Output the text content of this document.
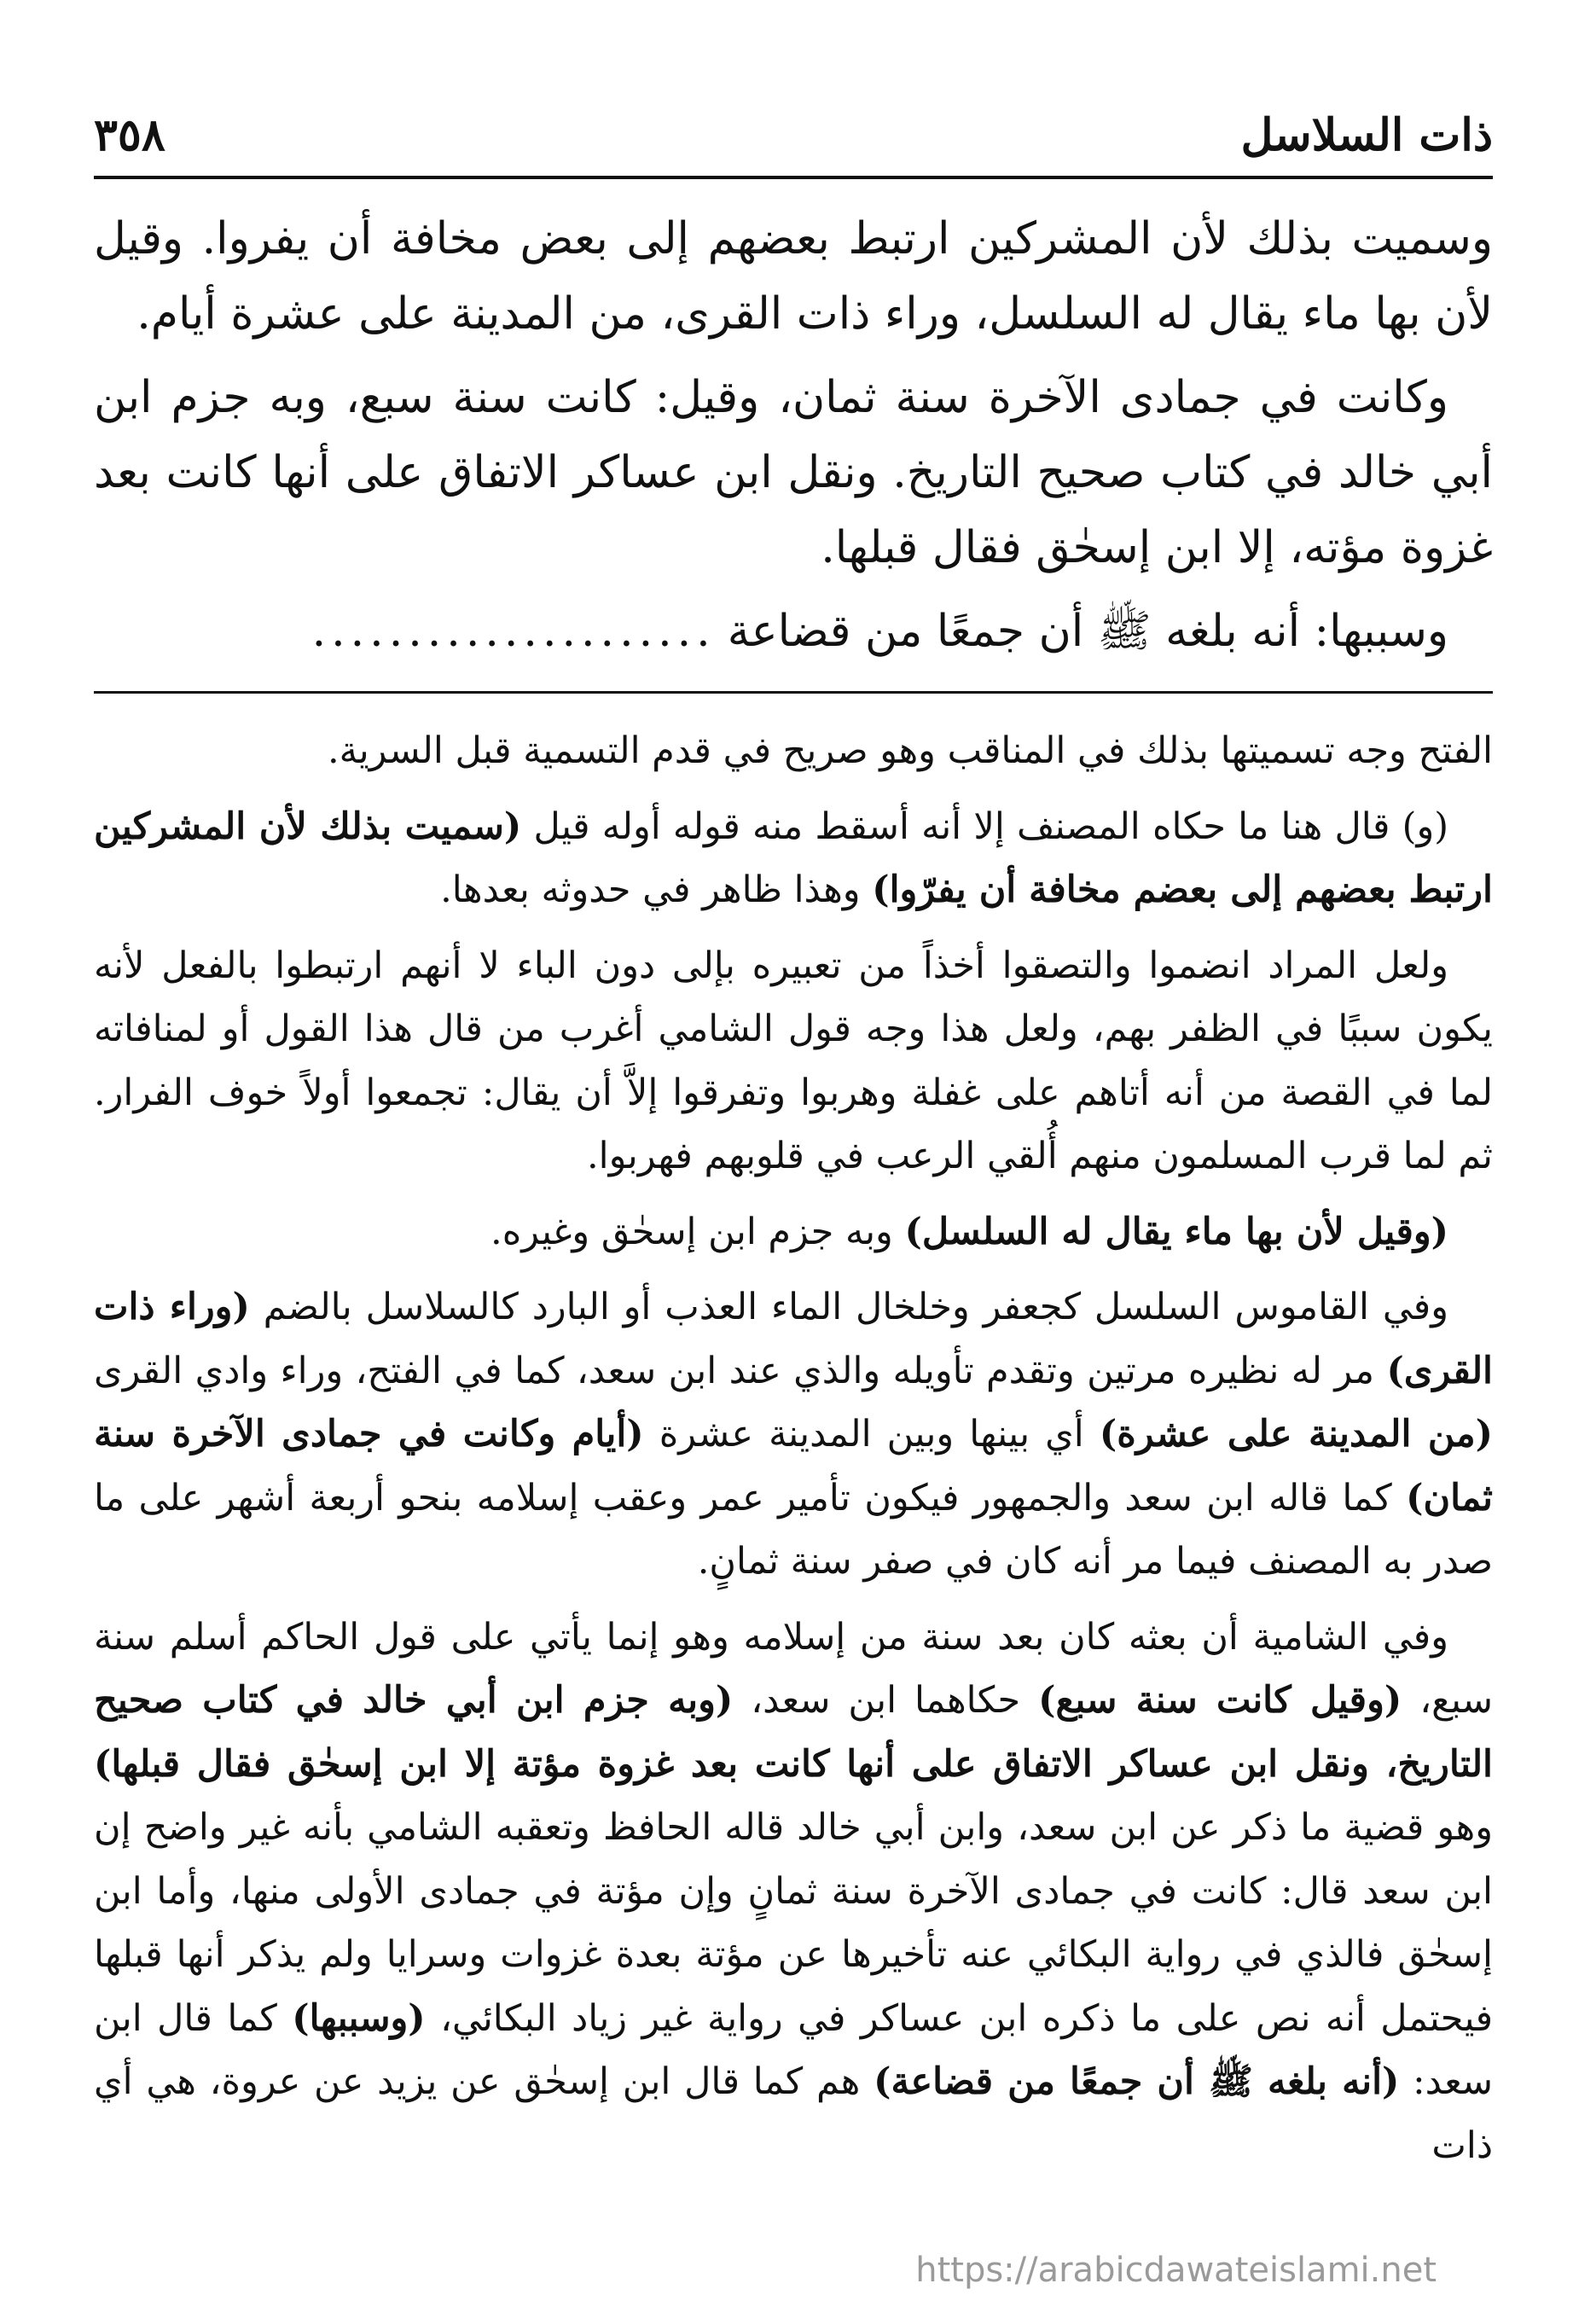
ذات السلاسل
٣٥٨

وسميت بذلك لأن المشركين ارتبط بعضهم إلى بعض مخافة أن يفروا. وقيل لأن بها ماء يقال له السلسل، وراء ذات القرى، من المدينة على عشرة أيام.

وكانت في جمادى الآخرة سنة ثمان، وقيل: كانت سنة سبع، وبه جزم ابن أبي خالد في كتاب صحيح التاريخ. ونقل ابن عساكر الاتفاق على أنها كانت بعد غزوة مؤته، إلا ابن إسحٰق فقال قبلها.

وسببها: أنه بلغه ﷺ أن جمعًا من قضاعة
.....................

الفتح وجه تسميتها بذلك في المناقب وهو صريح في قدم التسمية قبل السرية.

(و) قال هنا ما حكاه المصنف إلا أنه أسقط منه قوله أوله قيل (سميت بذلك لأن المشركين ارتبط بعضهم إلى بعضم مخافة أن يفرّوا) وهذا ظاهر في حدوثه بعدها.

ولعل المراد انضموا والتصقوا أخذاً من تعبيره بإلى دون الباء لا أنهم ارتبطوا بالفعل لأنه يكون سببًا في الظفر بهم، ولعل هذا وجه قول الشامي أغرب من قال هذا القول أو لمنافاته لما في القصة من أنه أتاهم على غفلة وهربوا وتفرقوا إلاَّ أن يقال: تجمعوا أولاً خوف الفرار. ثم لما قرب المسلمون منهم أُلقي الرعب في قلوبهم فهربوا.

(وقيل لأن بها ماء يقال له السلسل) وبه جزم ابن إسحٰق وغيره.

وفي القاموس السلسل كجعفر وخلخال الماء العذب أو البارد كالسلاسل بالضم (وراء ذات القرى) مر له نظيره مرتين وتقدم تأويله والذي عند ابن سعد، كما في الفتح، وراء وادي القرى (من المدينة على عشرة) أي بينها وبين المدينة عشرة (أيام وكانت في جمادى الآخرة سنة ثمان) كما قاله ابن سعد والجمهور فيكون تأمير عمر وعقب إسلامه بنحو أربعة أشهر على ما صدر به المصنف فيما مر أنه كان في صفر سنة ثمانٍ.

وفي الشامية أن بعثه كان بعد سنة من إسلامه وهو إنما يأتي على قول الحاكم أسلم سنة سبع، (وقيل كانت سنة سبع) حكاهما ابن سعد، (وبه جزم ابن أبي خالد في كتاب صحيح التاريخ، ونقل ابن عساكر الاتفاق على أنها كانت بعد غزوة مؤتة إلا ابن إسحٰق فقال قبلها) وهو قضية ما ذكر عن ابن سعد، وابن أبي خالد قاله الحافظ وتعقبه الشامي بأنه غير واضح إن ابن سعد قال: كانت في جمادى الآخرة سنة ثمانٍ وإن مؤتة في جمادى الأولى منها، وأما ابن إسحٰق فالذي في رواية البكائي عنه تأخيرها عن مؤتة بعدة غزوات وسرايا ولم يذكر أنها قبلها فيحتمل أنه نص على ما ذكره ابن عساكر في رواية غير زياد البكائي، (وسببها) كما قال ابن سعد: (أنه بلغه ﷺ أن جمعًا من قضاعة) هم كما قال ابن إسحٰق عن يزيد عن عروة، هي أي ذات

https://arabicdawateislami.net
